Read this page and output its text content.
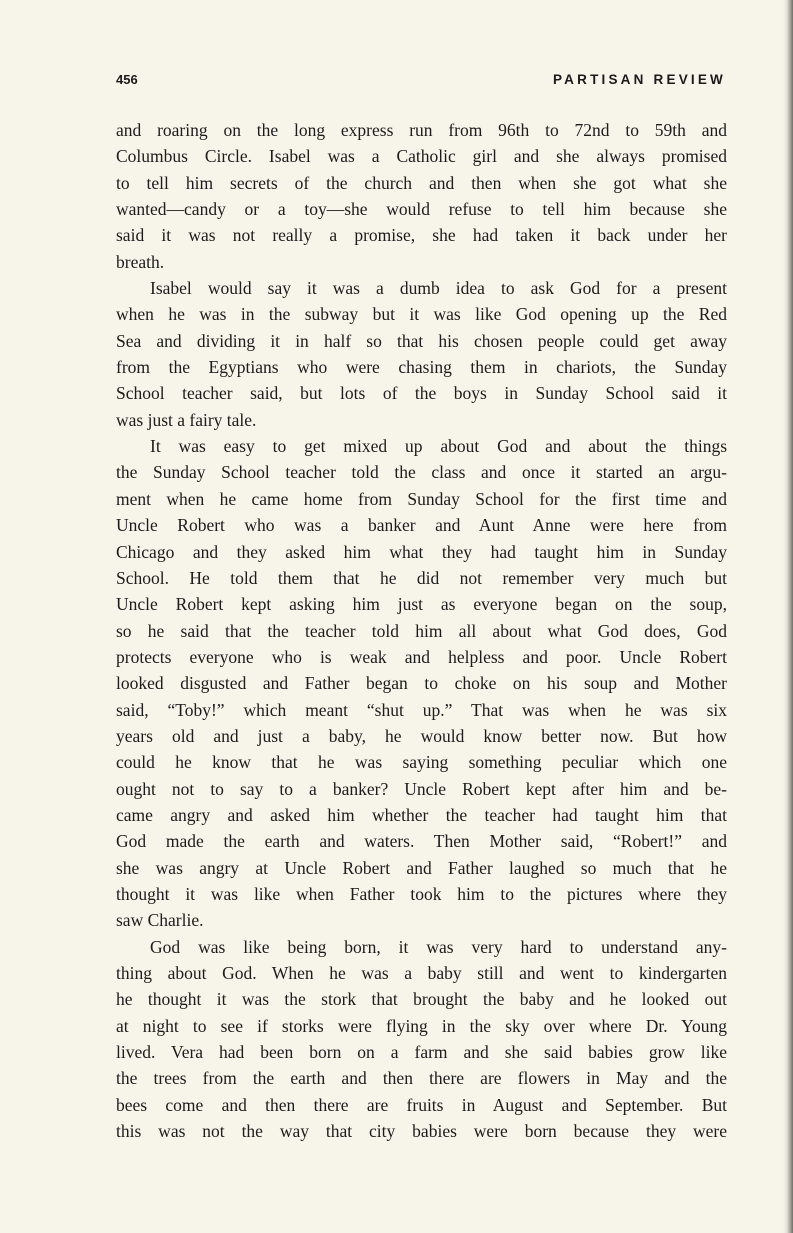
456	PARTISAN REVIEW
and roaring on the long express run from 96th to 72nd to 59th and
Columbus Circle. Isabel was a Catholic girl and she always promised
to tell him secrets of the church and then when she got what she
wanted—candy or a toy—she would refuse to tell him because she
said it was not really a promise, she had taken it back under her
breath.
Isabel would say it was a dumb idea to ask God for a present
when he was in the subway but it was like God opening up the Red
Sea and dividing it in half so that his chosen people could get away
from the Egyptians who were chasing them in chariots, the Sunday
School teacher said, but lots of the boys in Sunday School said it
was just a fairy tale.
It was easy to get mixed up about God and about the things
the Sunday School teacher told the class and once it started an argu-
ment when he came home from Sunday School for the first time and
Uncle Robert who was a banker and Aunt Anne were here from
Chicago and they asked him what they had taught him in Sunday
School. He told them that he did not remember very much but
Uncle Robert kept asking him just as everyone began on the soup,
so he said that the teacher told him all about what God does, God
protects everyone who is weak and helpless and poor. Uncle Robert
looked disgusted and Father began to choke on his soup and Mother
said, “Toby!” which meant “shut up.” That was when he was six
years old and just a baby, he would know better now. But how
could he know that he was saying something peculiar which one
ought not to say to a banker? Uncle Robert kept after him and be-
came angry and asked him whether the teacher had taught him that
God made the earth and waters. Then Mother said, “Robert!” and
she was angry at Uncle Robert and Father laughed so much that he
thought it was like when Father took him to the pictures where they
saw Charlie.
God was like being born, it was very hard to understand any-
thing about God. When he was a baby still and went to kindergarten
he thought it was the stork that brought the baby and he looked out
at night to see if storks were flying in the sky over where Dr. Young
lived. Vera had been born on a farm and she said babies grow like
the trees from the earth and then there are flowers in May and the
bees come and then there are fruits in August and September. But
this was not the way that city babies were born because they were
